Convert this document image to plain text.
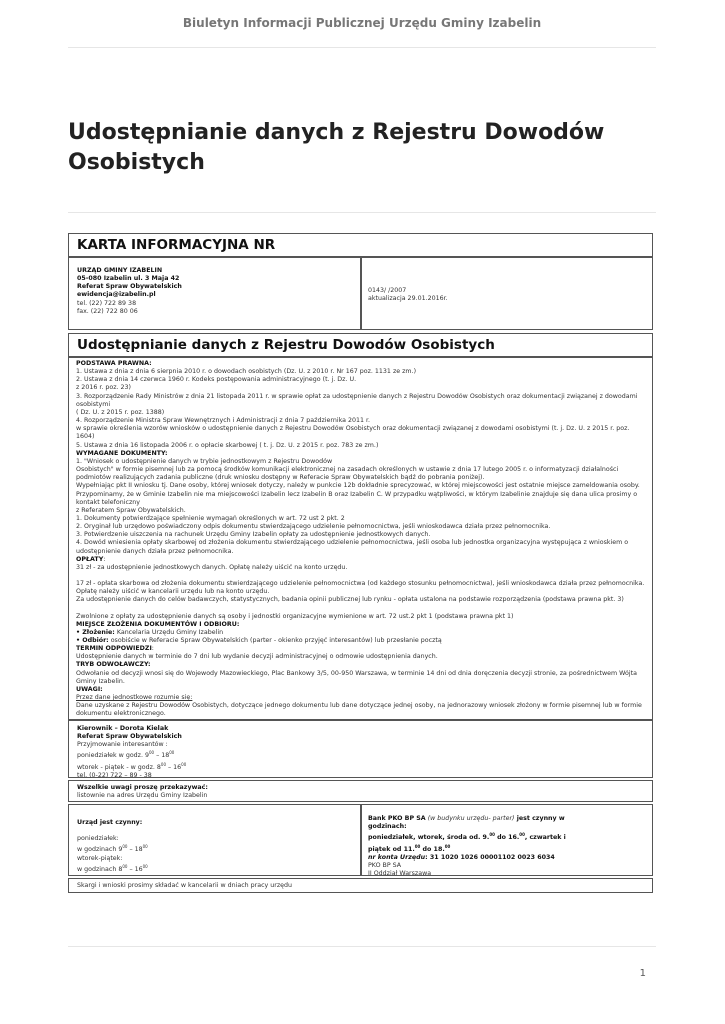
Biuletyn Informacji Publicznej Urzędu Gminy Izabelin
Udostępnianie danych z Rejestru Dowodów
Osobistych
KARTA INFORMACYJNA NR

URZĄD GMINY IZABELIN

05-080 Izabelin ul. 3 Maja 42

Referat Spraw Obywatelskich

ewidencja@izabelin.pl

tel. (22) 722 89 38

fax. (22) 722 80 06

0143/ /2007

aktualizacja 29.01.2016r.

Udostępnianie danych z Rejestru Dowodów Osobistych

PODSTAWA PRAWNA:

1. Ustawa z dnia z dnia 6 sierpnia 2010 r. o dowodach osobistych (Dz. U. z 2010 r. Nr 167 poz. 1131 ze zm.)

2. Ustawa z dnia 14 czerwca 1960 r. Kodeks postępowania administracyjnego (t. j. Dz. U.

z 2016 r. poz. 23)

3. Rozporządzenie Rady Ministrów z dnia 21 listopada 2011 r. w sprawie opłat za udostępnienie danych z Rejestru Dowodów Osobistych oraz dokumentacji związanej z dowodami

osobistymi

( Dz. U. z 2015 r. poz. 1388)

4. Rozporządzenie Ministra Spraw Wewnętrznych i Administracji z dnia 7 października 2011 r.

w sprawie określenia wzorów wniosków o udostępnienie danych z Rejestru Dowodów Osobistych oraz dokumentacji związanej z dowodami osobistymi (t. j. Dz. U. z 2015 r. poz. 1604)

5. Ustawa z dnia 16 listopada 2006 r. o opłacie skarbowej ( t. j. Dz. U. z 2015 r. poz. 783 ze zm.)

WYMAGANE DOKUMENTY:

1. "Wniosek o udostępnienie danych w trybie jednostkowym z Rejestru Dowodów

Osobistych" w formie pisemnej lub za pomocą środków komunikacji elektronicznej na zasadach określonych w ustawie z dnia 17 lutego 2005 r. o informatyzacji działalności

podmiotów realizujących zadania publiczne (druk wniosku dostępny w Referacie Spraw Obywatelskich bądź do pobrania poniżej).

Wypełniając pkt II wniosku tj. Dane osoby, której wniosek dotyczy, należy w punkcie 12b dokładnie sprecyzować, w której miejscowości jest ostatnie miejsce zameldowania osoby.

Przypominamy, że w Gminie Izabelin nie ma miejscowości Izabelin lecz Izabelin B oraz Izabelin C. W przypadku wątpliwości, w którym Izabelinie znajduje się dana ulica prosimy o

kontakt telefoniczny

z Referatem Spraw Obywatelskich.

1. Dokumenty potwierdzające spełnienie wymagań określonych w art. 72 ust 2 pkt. 2

2. Oryginał lub urzędowo poświadczony odpis dokumentu stwierdzającego udzielenie pełnomocnictwa, jeśli wnioskodawca działa przez pełnomocnika.

3. Potwierdzenie uiszczenia na rachunek Urzędu Gminy Izabelin opłaty za udostępnienie jednostkowych danych.

4. Dowód wniesienia opłaty skarbowej od złożenia dokumentu stwierdzającego udzielenie pełnomocnictwa, jeśli osoba lub jednostka organizacyjna występująca z wnioskiem o

udostępnienie danych działa przez pełnomocnika.

OPŁATY:

31 zł - za udostępnienie jednostkowych danych. Opłatę należy uiścić na konto urzędu.

17 zł - opłata skarbowa od złożenia dokumentu stwierdzającego udzielenie pełnomocnictwa (od każdego stosunku pełnomocnictwa), jeśli wnioskodawca działa przez pełnomocnika.

Opłatę należy uiścić w kancelarii urzędu lub na konto urzędu.

Za udostępnienie danych do celów badawczych, statystycznych, badania opinii publicznej lub rynku - opłata ustalona na podstawie rozporządzenia (podstawa prawna pkt. 3)

Zwolnione z opłaty za udostępnienie danych są osoby i jednostki organizacyjne wymienione w art. 72 ust.2 pkt 1 (podstawa prawna pkt 1)

MIEJSCE ZŁOŻENIA DOKUMENTÓW I ODBIORU:

• Złożenie: Kancelaria Urzędu Gminy Izabelin

• Odbiór: osobiście w Referacie Spraw Obywatelskich (parter - okienko przyjęć interesantów) lub przesłanie pocztą

TERMIN ODPOWIEDZI:

Udostępnienie danych w terminie do 7 dni lub wydanie decyzji administracyjnej o odmowie udostępnienia danych.

TRYB ODWOŁAWCZY:

Odwołanie od decyzji wnosi się do Wojewody Mazowieckiego, Plac Bankowy 3/5, 00-950 Warszawa, w terminie 14 dni od dnia doręczenia decyzji stronie, za pośrednictwem Wójta

Gminy Izabelin.

UWAGI:

Przez dane jednostkowe rozumie się:

Dane uzyskane z Rejestru Dowodów Osobistych, dotyczące jednego dokumentu lub dane dotyczące jednej osoby, na jednorazowy wniosek złożony w formie pisemnej lub w formie

dokumentu elektronicznego.

Kierownik – Dorota Kielak

Referat Spraw Obywatelskich

Przyjmowanie interesantów :

poniedziałek w godz. $9^{00} - 18^{00}$

wtorek - piątek - w godz. $8^{00} - 16^{00}$

tel. (0-22) 722 – 89 - 38

Wszelkie uwagi proszę przekazywać:

listownie na adres Urzędu Gminy Izabelin

Urząd jest czynny:

poniedziałek:

w godzinach $9^{00} - 18^{00}$

wtorek-piątek:

w godzinach $8^{00} - 16^{00}$

Bank PKO BP SA (w budynku urzędu- parter) jest czynny w

godzinach:

poniedziałek, wtorek, środa od. 9.00 do 16.00, czwartek i

piątek od 11.00 do 18.00

nr konta Urzędu: 31 1020 1026 00001102 0023 6034

PKO BP SA

II Oddział Warszawa

Skargi i wnioski prosimy składać w kancelarii w dniach pracy urzędu

1
